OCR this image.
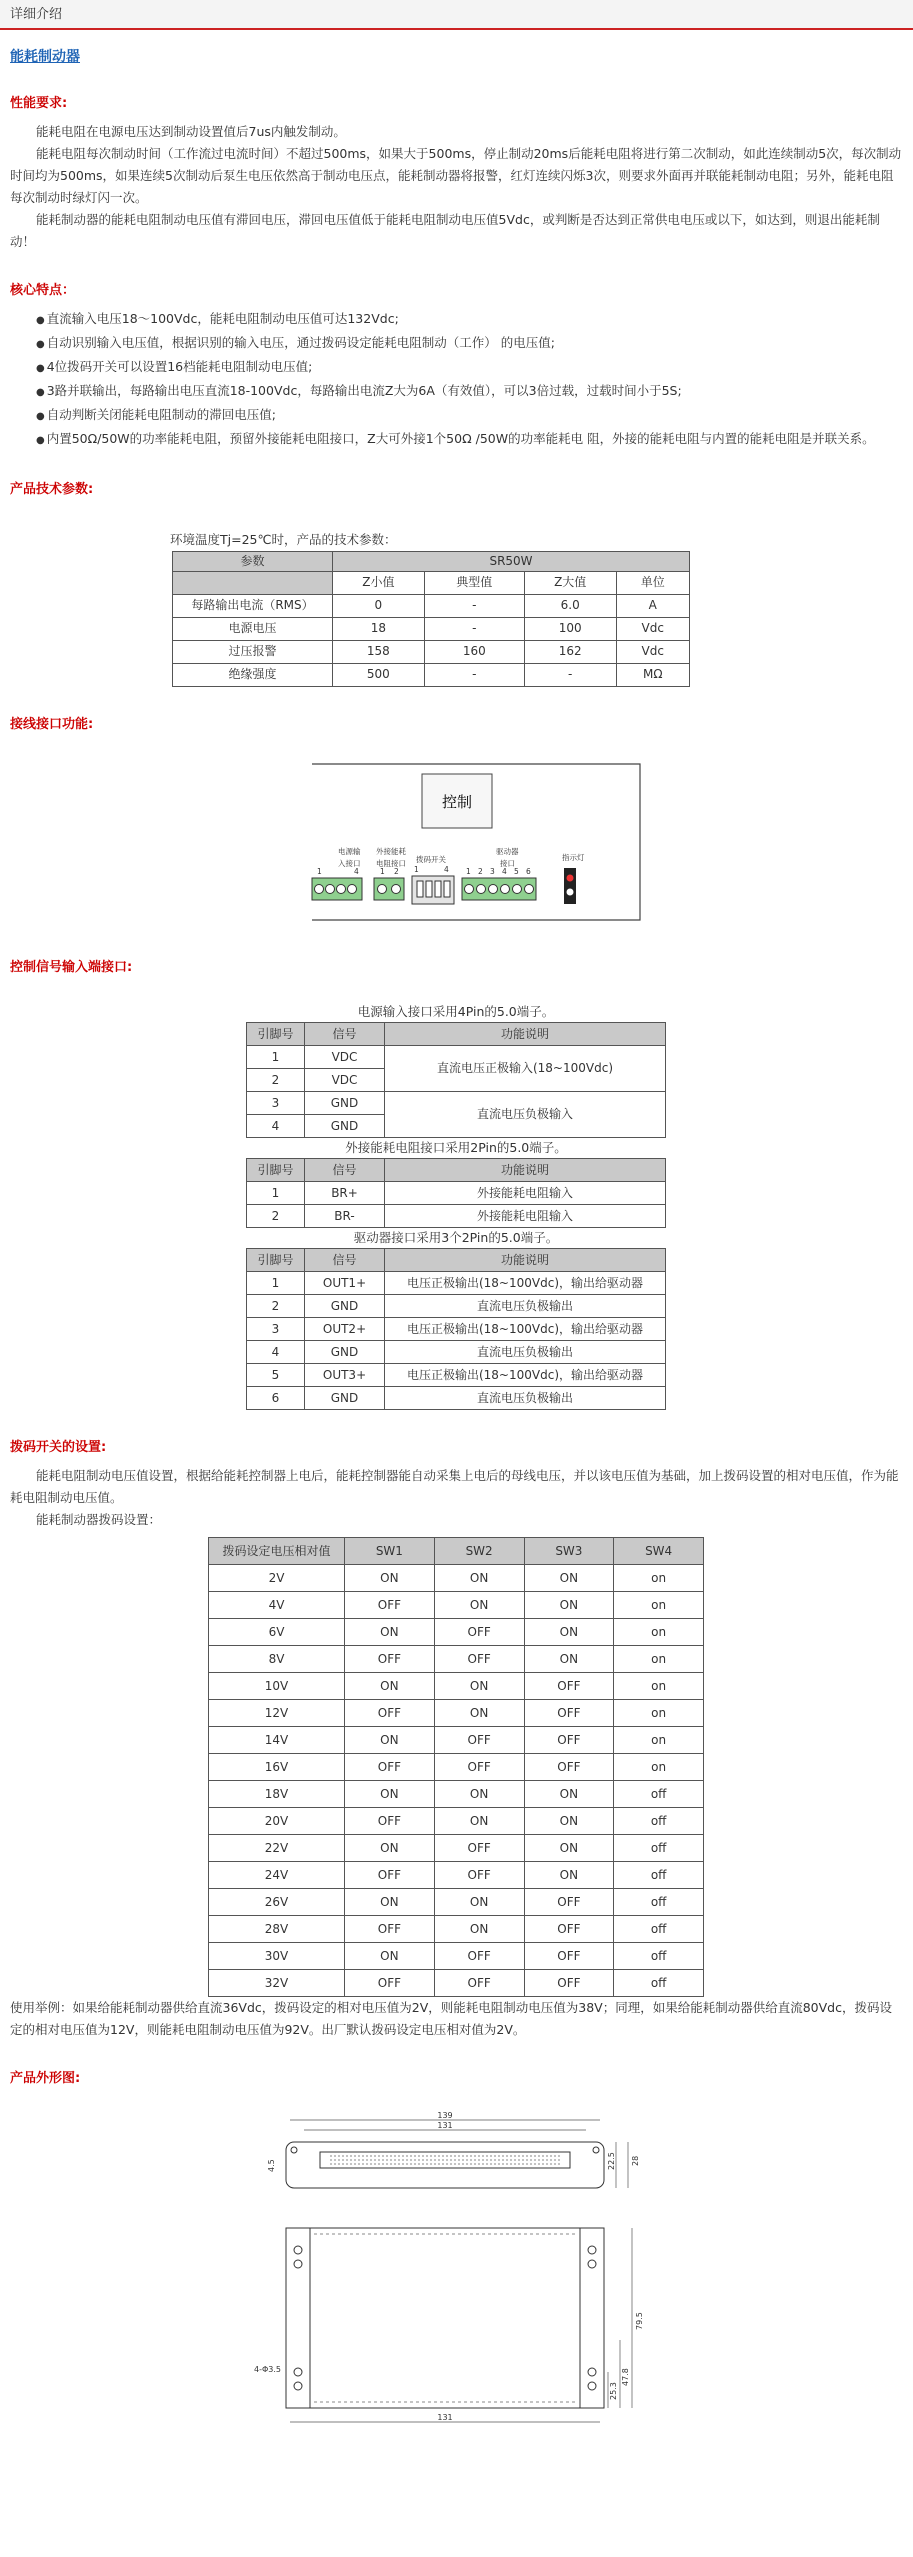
详细介绍
能耗制动器
性能要求:

能耗电阻在电源电压达到制动设置值后7us内触发制动。

能耗电阻每次制动时间（工作流过电流时间）不超过500ms，如果大于500ms，停止制动20ms后能耗电阻将进行第二次制动，如此连续制动5次，每次制动时间均为500ms，如果连续5次制动后泵生电压依然高于制动电压点，能耗制动器将报警，红灯连续闪烁3次，则要求外面再并联能耗制动电阻；另外，能耗电阻每次制动时绿灯闪一次。

能耗制动器的能耗电阻制动电压值有滞回电压，滞回电压值低于能耗电阻制动电压值5Vdc，或判断是否达到正常供电电压或以下，如达到，则退出能耗制动！

核心特点：
● 直流输入电压18～100Vdc，能耗电阻制动电压值可达132Vdc;
● 自动识别输入电压值，根据识别的输入电压，通过拨码设定能耗电阻制动（工作） 的电压值;
● 4位拨码开关可以设置16档能耗电阻制动电压值;
● 3路并联输出，每路输出电压直流18-100Vdc，每路输出电流Z大为6A（有效值），可以3倍过载，过载时间小于5S;
● 自动判断关闭能耗电阻制动的滞回电压值;
● 内置50Ω/50W的功率能耗电阻，预留外接能耗电阻接口，Z大可外接1个50Ω /50W的功率能耗电 阻，外接的能耗电阻与内置的能耗电阻是并联关系。
产品技术参数:
环境温度Tj=25℃时，产品的技术参数：
参数	SR50W			
	Z小值	典型值	Z大值	单位
每路输出电流（RMS）	0	-	6.0	A
电源电压	18	-	100	Vdc
过压报警	158	160	162	Vdc
绝缘强度	500	-	-	MΩ
接线接口功能:
控制
电源输
入接口
外接能耗
电阻接口 拨码开关
驱动器
接口
指示灯
1	4	1 2 1	4 1 2 3 4 5 6
控制信号输入端接口:
电源输入接口采用4Pin的5.0端子。
引脚号	信号	功能说明
1	VDC	直流电压正极输入(18~100Vdc)
2	VDC	
3	GND	直流电压负极输入
4	GND	
外接能耗电阻接口采用2Pin的5.0端子。
引脚号	信号	功能说明
1	BR+	外接能耗电阻输入
2	BR-	外接能耗电阻输入
驱动器接口采用3个2Pin的5.0端子。
引脚号	信号	功能说明
1	OUT1+	电压正极输出(18~100Vdc)，输出给驱动器
2	GND	直流电压负极输出
3	OUT2+	电压正极输出(18~100Vdc)，输出给驱动器
4	GND	直流电压负极输出
5	OUT3+	电压正极输出(18~100Vdc)，输出给驱动器
6	GND	直流电压负极输出
拨码开关的设置:

能耗电阻制动电压值设置，根据给能耗控制器上电后，能耗控制器能自动采集上电后的母线电压，并以该电压值为基础，加上拨码设置的相对电压值，作为能耗电阻制动电压值。

能耗制动器拨码设置：

拨码设定电压相对值	SW1	SW2	SW3	SW4
2V	ON	ON	ON	on
4V	OFF	ON	ON	on
6V	ON	OFF	ON	on
8V	OFF	OFF	ON	on
10V	ON	ON	OFF	on
12V	OFF	ON	OFF	on
14V	ON	OFF	OFF	on
16V	OFF	OFF	OFF	on
18V	ON	ON	ON	off
20V	OFF	ON	ON	off
22V	ON	OFF	ON	off
24V	OFF	OFF	ON	off
26V	ON	ON	OFF	off
28V	OFF	ON	OFF	off
30V	ON	OFF	OFF	off
32V	OFF	OFF	OFF	off

使用举例：如果给能耗制动器供给直流36Vdc，拨码设定的相对电压值为2V，则能耗电阻制动电压值为38V；同理，如果给能耗制动器供给直流80Vdc，拨码设定的相对电压值为12V，则能耗电阻制动电压值为92V。出厂默认拨码设定电压相对值为2V。

产品外形图:
139
131
22.5 28
4.5
4-Φ3.5
79.5
47.8
25.3
131
